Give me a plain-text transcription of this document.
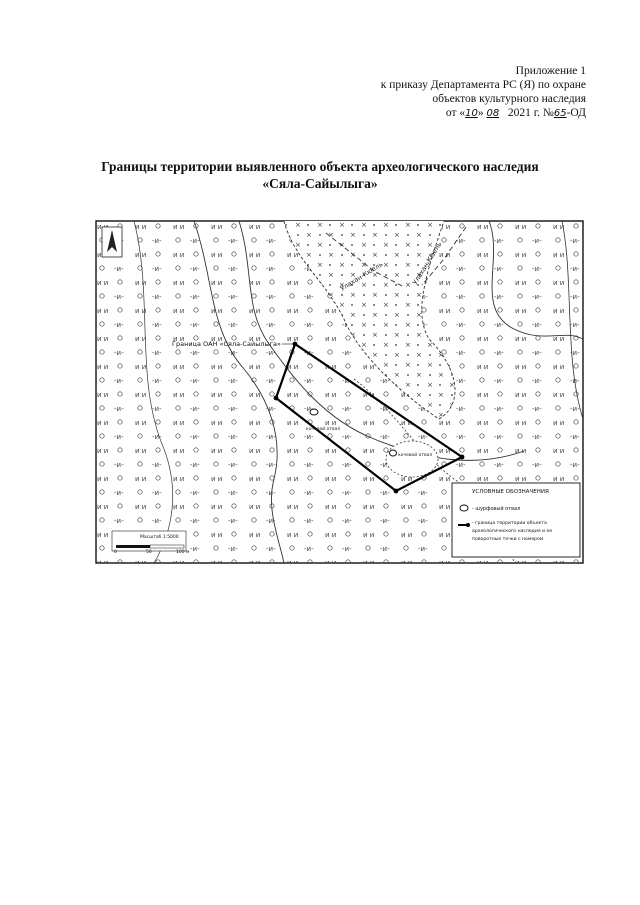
Приложение 1
к приказу Департамента РС (Я) по охране
объектов культурного наследия
от «10» 08 2021 г. №65-ОД
Границы территории выявленного объекта археологического наследия
«Сяла-Сайылыга»
Улахан-Кюель	Улахан-Кюель
Граница ОАН «Сяла-Сайылыга»
кочевой отвал
кочевой отвал
Масштаб 1:5000
0	50	100 м
УСЛОВНЫЕ ОБОЗНАЧЕНИЯ
- шурфовый отвал
- граница территории объекта
археологического наследия и ее
поворотные точки с номером
